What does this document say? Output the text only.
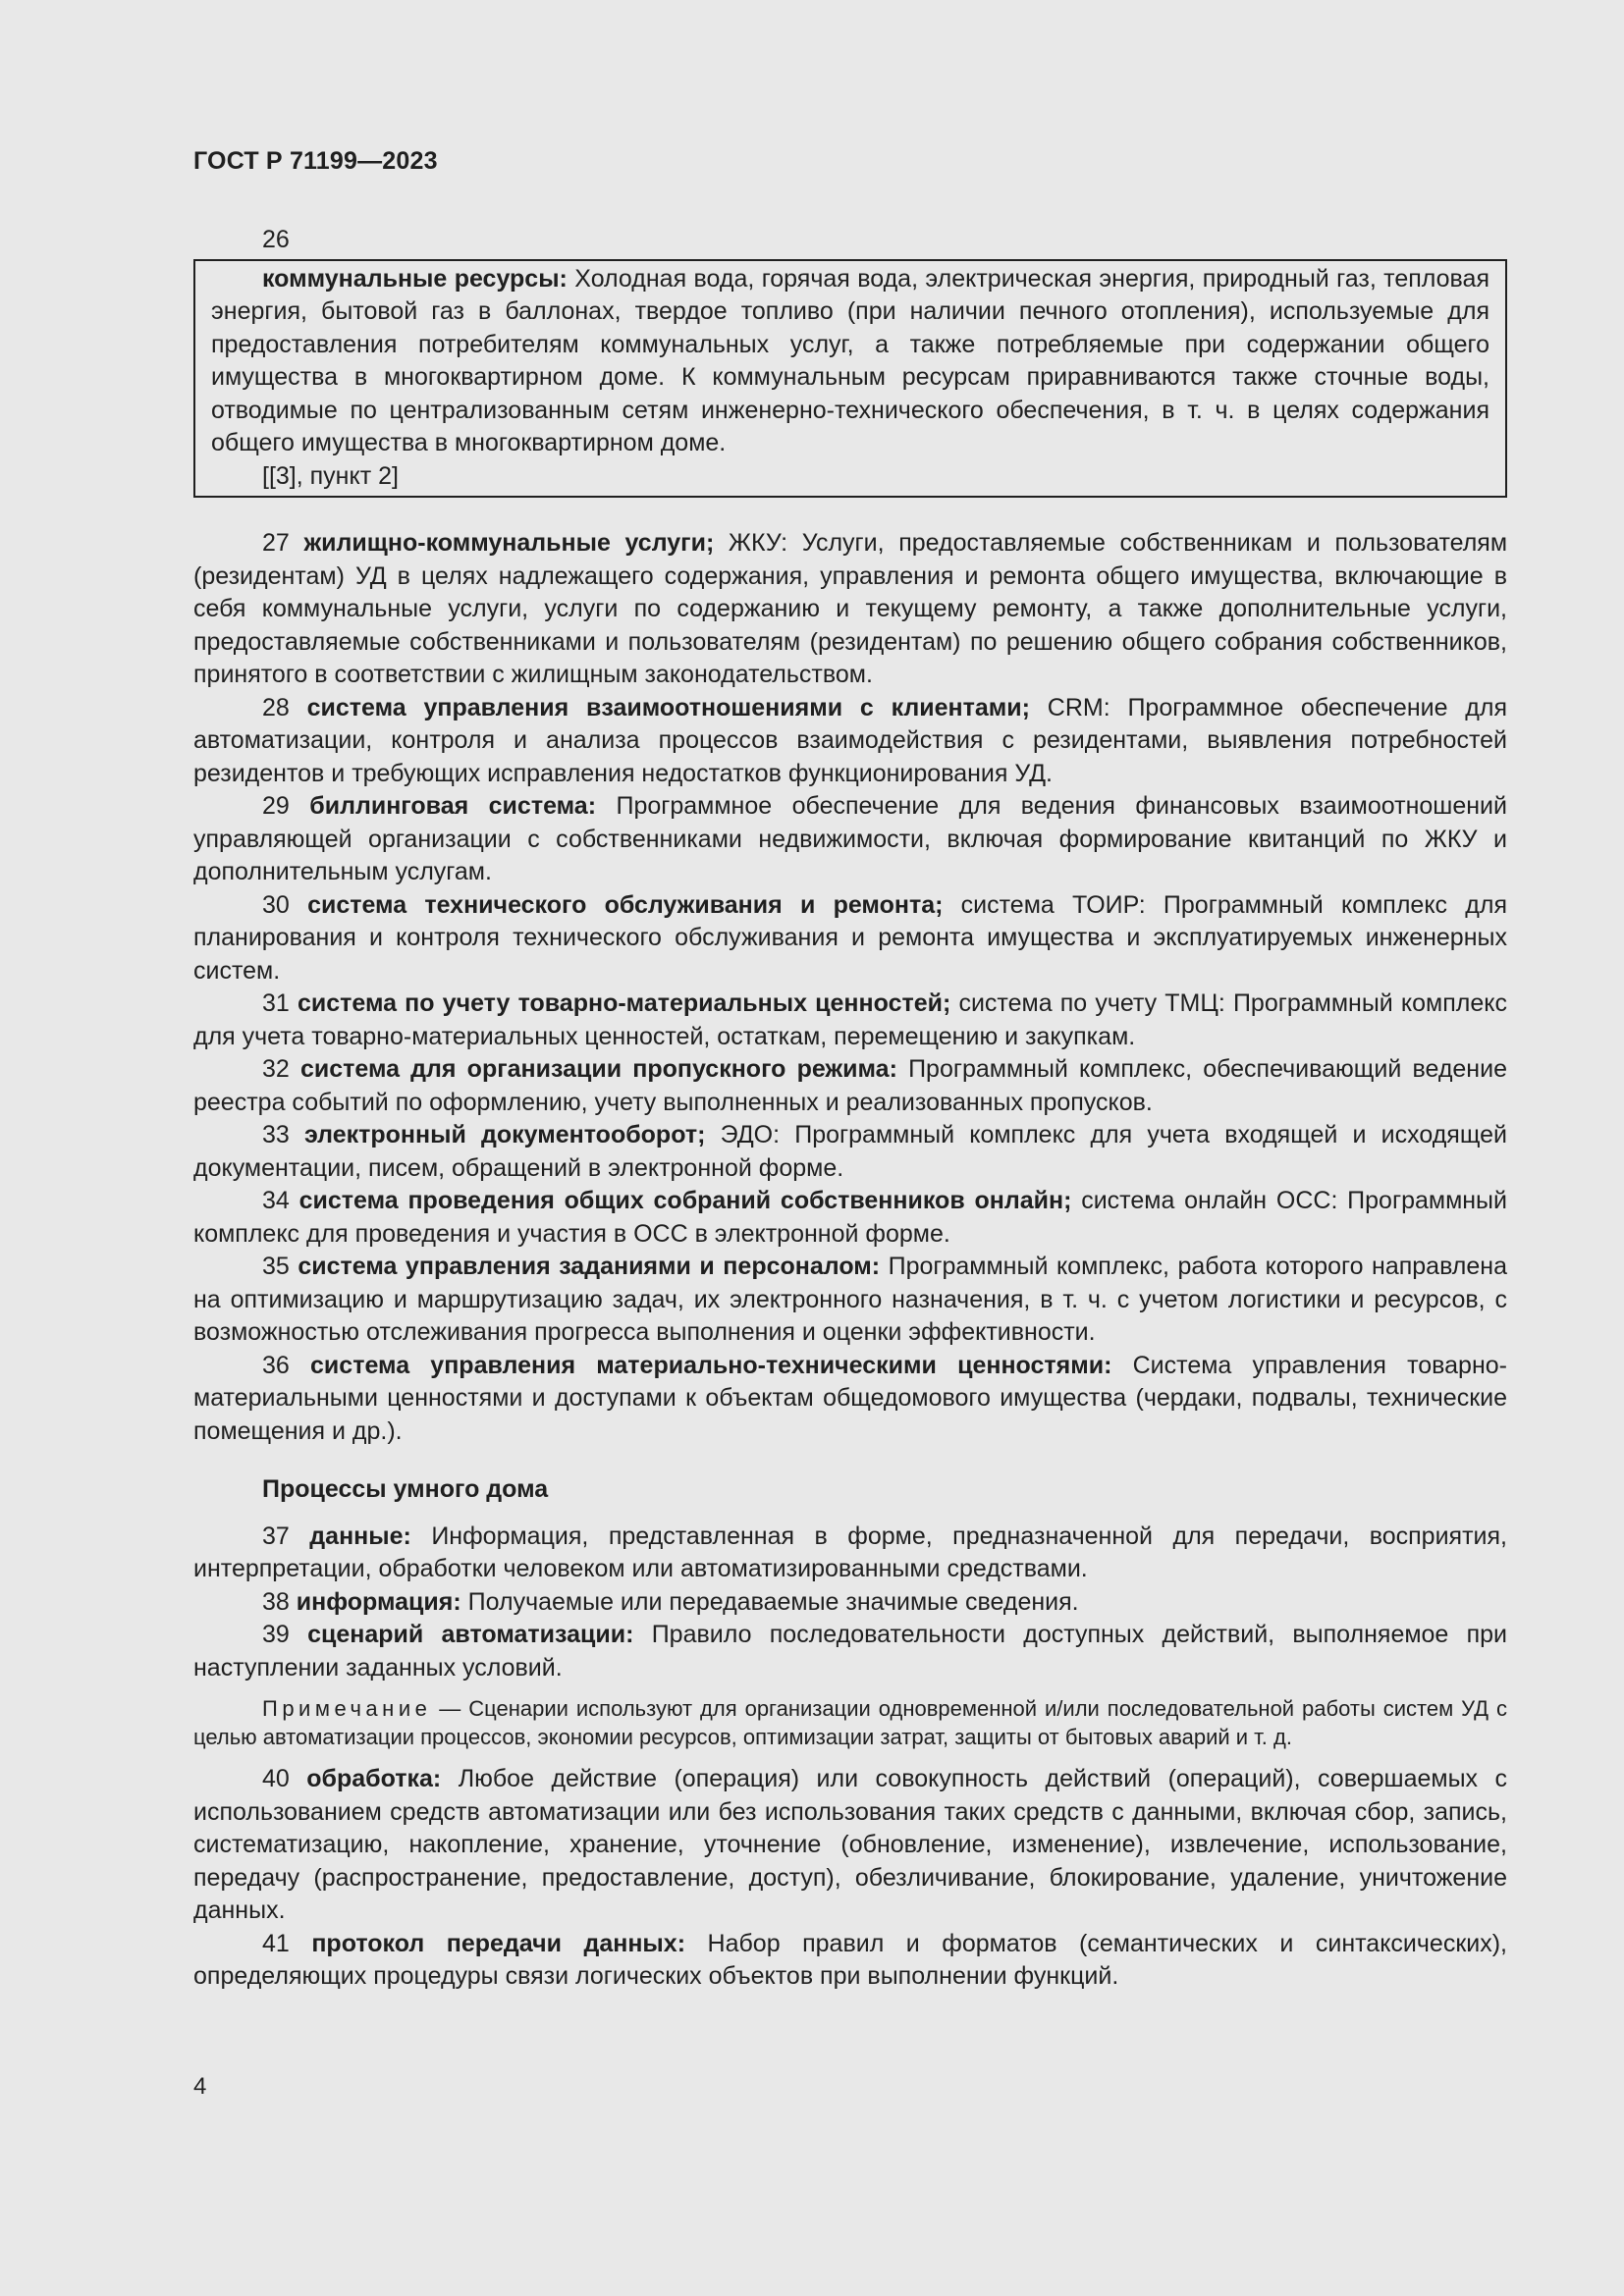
ГОСТ Р 71199—2023
26

коммунальные ресурсы: Холодная вода, горячая вода, электрическая энергия, природный газ, тепловая энергия, бытовой газ в баллонах, твердое топливо (при наличии печного отопления), используемые для предоставления потребителям коммунальных услуг, а также потребляемые при содержании общего имущества в многоквартирном доме. К коммунальным ресурсам приравниваются также сточные воды, отводимые по централизованным сетям инженерно-технического обеспечения, в т. ч. в целях содержания общего имущества в многоквартирном доме.

[[3], пункт 2]

27 жилищно-коммунальные услуги; ЖКУ: Услуги, предоставляемые собственникам и пользователям (резидентам) УД в целях надлежащего содержания, управления и ремонта общего имущества, включающие в себя коммунальные услуги, услуги по содержанию и текущему ремонту, а также дополнительные услуги, предоставляемые собственниками и пользователям (резидентам) по решению общего собрания собственников, принятого в соответствии с жилищным законодательством.

28 система управления взаимоотношениями с клиентами; CRM: Программное обеспечение для автоматизации, контроля и анализа процессов взаимодействия с резидентами, выявления потребностей резидентов и требующих исправления недостатков функционирования УД.

29 биллинговая система: Программное обеспечение для ведения финансовых взаимоотношений управляющей организации с собственниками недвижимости, включая формирование квитанций по ЖКУ и дополнительным услугам.

30 система технического обслуживания и ремонта; система ТОИР: Программный комплекс для планирования и контроля технического обслуживания и ремонта имущества и эксплуатируемых инженерных систем.

31 система по учету товарно-материальных ценностей; система по учету ТМЦ: Программный комплекс для учета товарно-материальных ценностей, остаткам, перемещению и закупкам.

32 система для организации пропускного режима: Программный комплекс, обеспечивающий ведение реестра событий по оформлению, учету выполненных и реализованных пропусков.

33 электронный документооборот; ЭДО: Программный комплекс для учета входящей и исходящей документации, писем, обращений в электронной форме.

34 система проведения общих собраний собственников онлайн; система онлайн ОСС: Программный комплекс для проведения и участия в ОСС в электронной форме.

35 система управления заданиями и персоналом: Программный комплекс, работа которого направлена на оптимизацию и маршрутизацию задач, их электронного назначения, в т. ч. с учетом логистики и ресурсов, с возможностью отслеживания прогресса выполнения и оценки эффективности.

36 система управления материально-техническими ценностями: Система управления товарно-материальными ценностями и доступами к объектам общедомового имущества (чердаки, подвалы, технические помещения и др.).

Процессы умного дома

37 данные: Информация, представленная в форме, предназначенной для передачи, восприятия, интерпретации, обработки человеком или автоматизированными средствами.

38 информация: Получаемые или передаваемые значимые сведения.

39 сценарий автоматизации: Правило последовательности доступных действий, выполняемое при наступлении заданных условий.

Примечание — Сценарии используют для организации одновременной и/или последовательной работы систем УД с целью автоматизации процессов, экономии ресурсов, оптимизации затрат, защиты от бытовых аварий и т. д.

40 обработка: Любое действие (операция) или совокупность действий (операций), совершаемых с использованием средств автоматизации или без использования таких средств с данными, включая сбор, запись, систематизацию, накопление, хранение, уточнение (обновление, изменение), извлечение, использование, передачу (распространение, предоставление, доступ), обезличивание, блокирование, удаление, уничтожение данных.

41 протокол передачи данных: Набор правил и форматов (семантических и синтаксических), определяющих процедуры связи логических объектов при выполнении функций.

4
